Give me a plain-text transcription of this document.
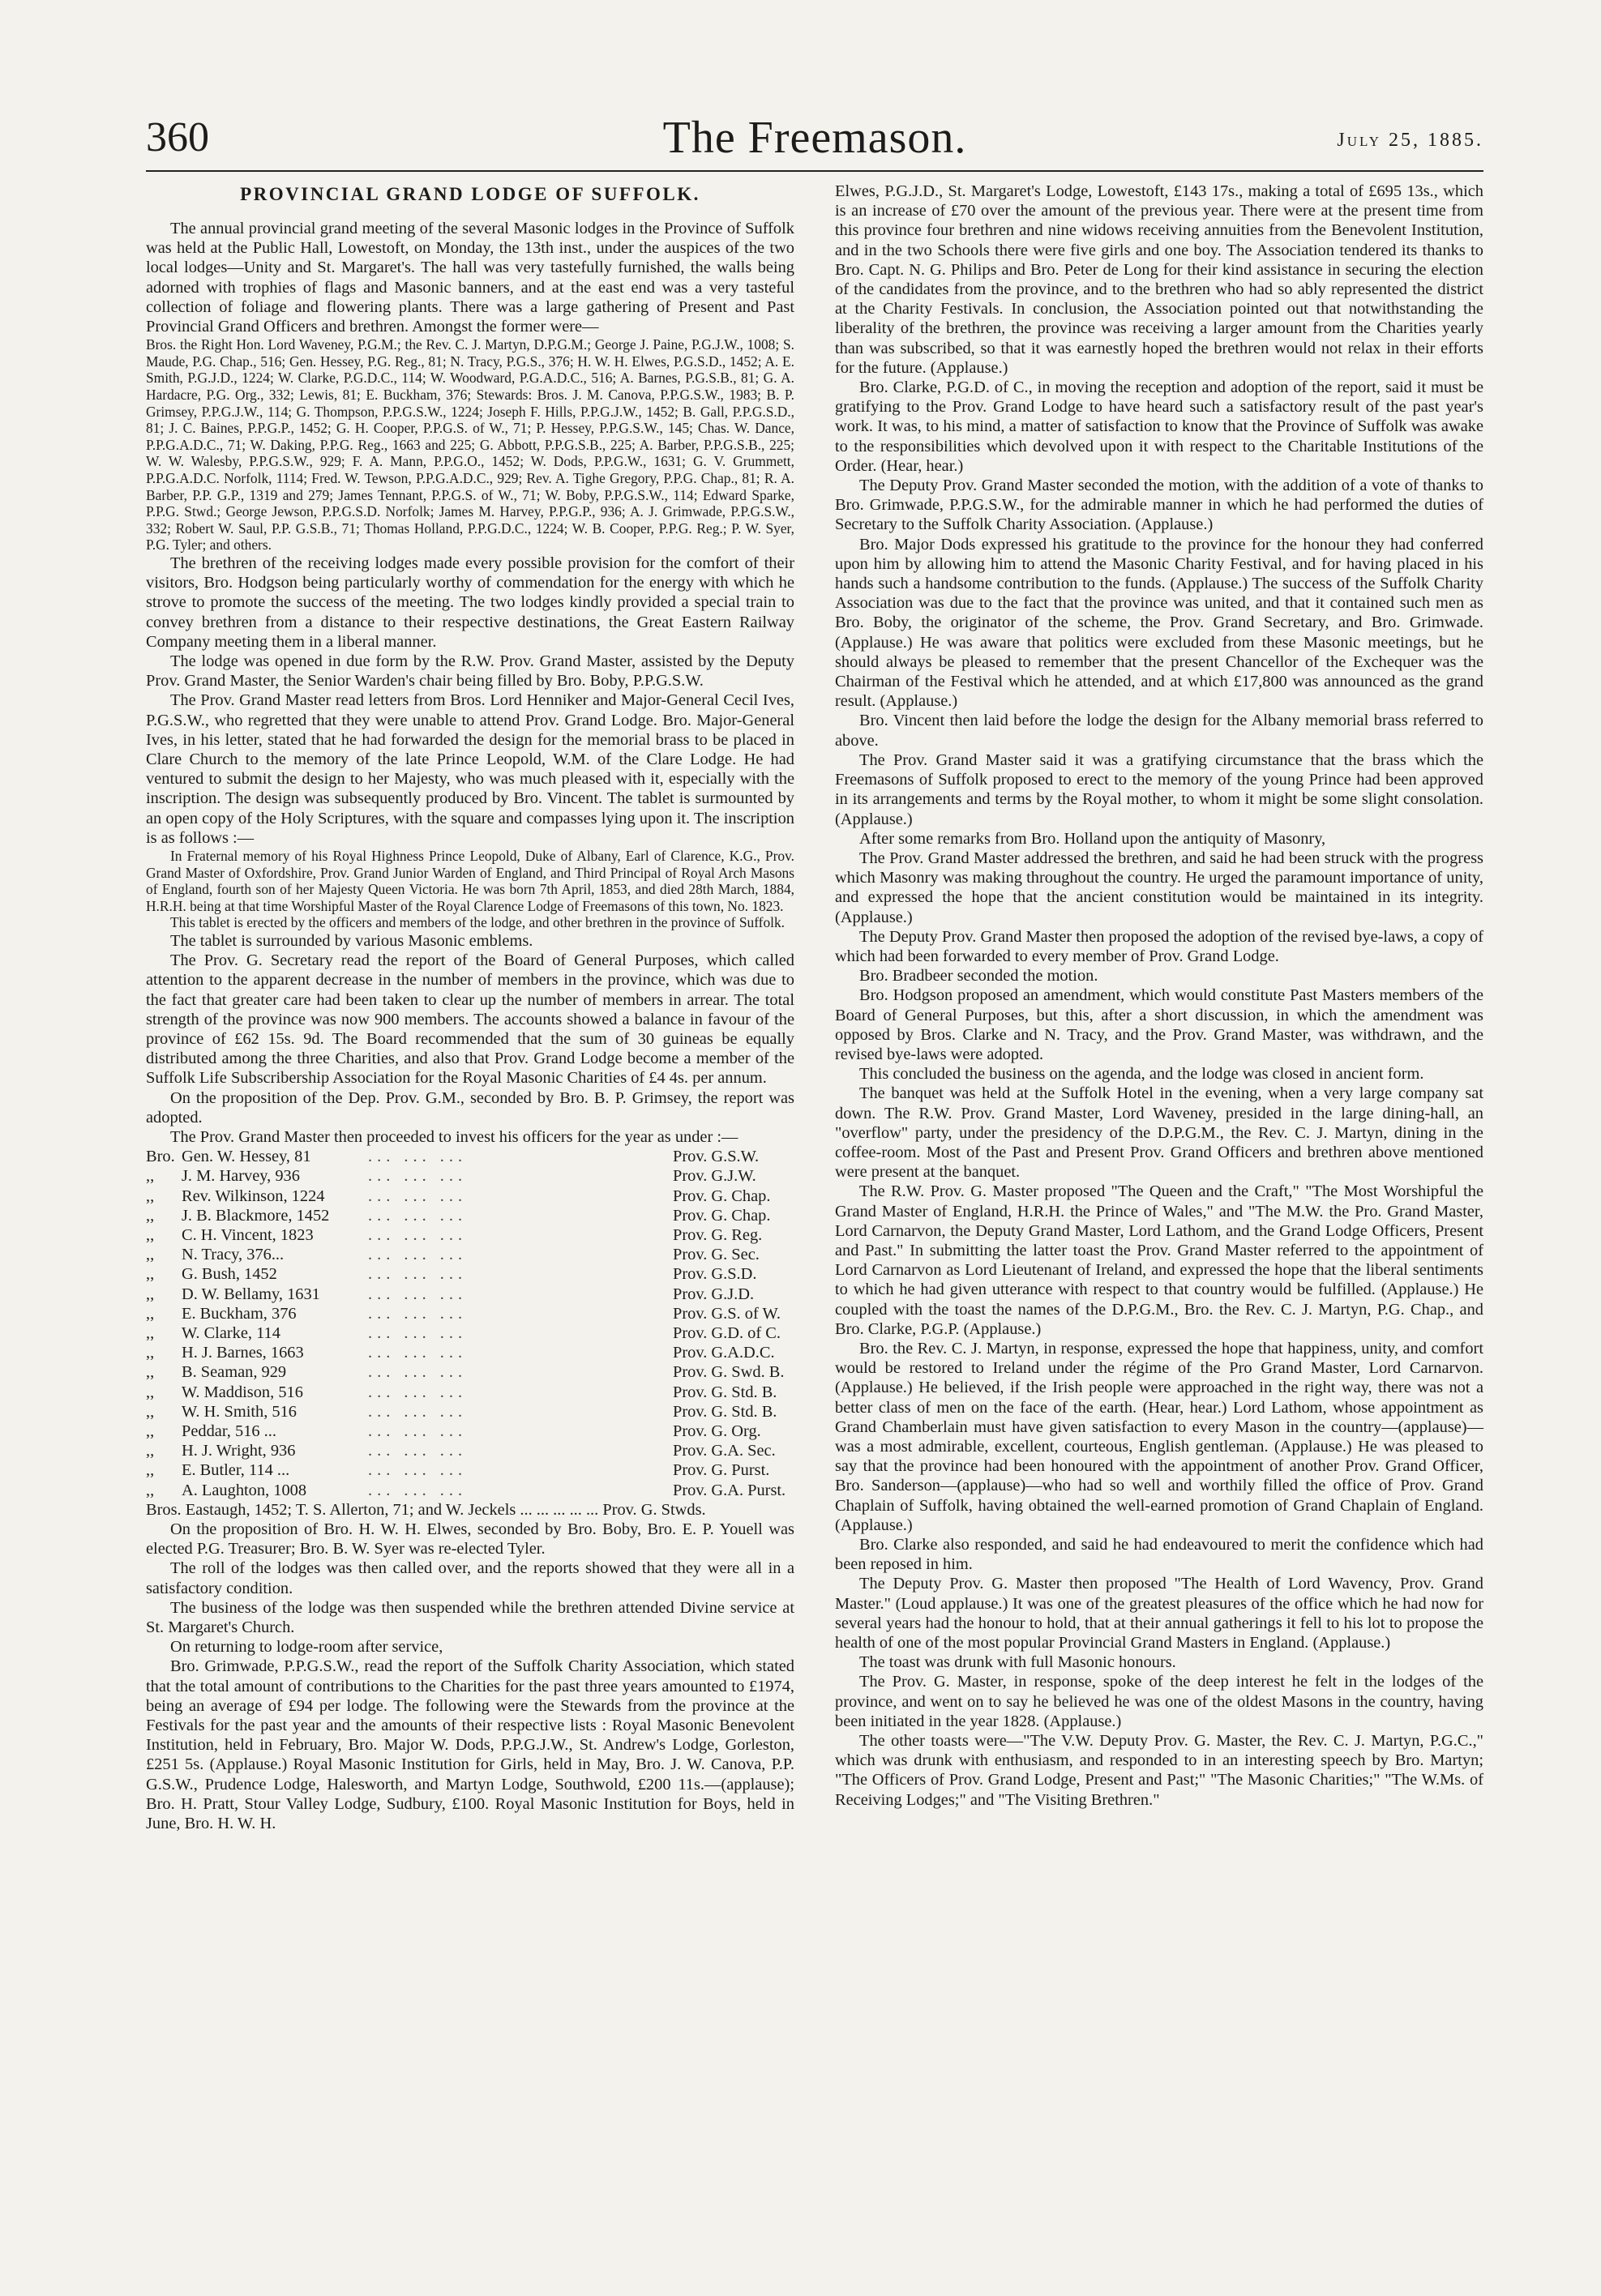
360	The Freemason.	July 25, 1885.
PROVINCIAL GRAND LODGE OF SUFFOLK.

The annual provincial grand meeting of the several Masonic lodges in the Province of Suffolk was held at the Public Hall, Lowestoft, on Monday, the 13th inst., under the auspices of the two local lodges—Unity and St. Margaret's. The hall was very tastefully furnished, the walls being adorned with trophies of flags and Masonic banners, and at the east end was a very tasteful collection of foliage and flowering plants. There was a large gathering of Present and Past Provincial Grand Officers and brethren. Amongst the former were—

Bros. the Right Hon. Lord Waveney, P.G.M.; the Rev. C. J. Martyn, D.P.G.M.; George J. Paine, P.G.J.W., 1008; S. Maude, P.G. Chap., 516; Gen. Hessey, P.G. Reg., 81; N. Tracy, P.G.S., 376; H. W. H. Elwes, P.G.S.D., 1452; A. E. Smith, P.G.J.D., 1224; W. Clarke, P.G.D.C., 114; W. Woodward, P.G.A.D.C., 516; A. Barnes, P.G.S.B., 81; G. A. Hardacre, P.G. Org., 332; Lewis, 81; E. Buckham, 376; Stewards: Bros. J. M. Canova, P.P.G.S.W., 1983; B. P. Grimsey, P.P.G.J.W., 114; G. Thompson, P.P.G.S.W., 1224; Joseph F. Hills, P.P.G.J.W., 1452; B. Gall, P.P.G.S.D., 81; J. C. Baines, P.P.G.P., 1452; G. H. Cooper, P.P.G.S. of W., 71; P. Hessey, P.P.G.S.W., 145; Chas. W. Dance, P.P.G.A.D.C., 71; W. Daking, P.P.G. Reg., 1663 and 225; G. Abbott, P.P.G.S.B., 225; A. Barber, P.P.G.S.B., 225; W. W. Walesby, P.P.G.S.W., 929; F. A. Mann, P.P.G.O., 1452; W. Dods, P.P.G.W., 1631; G. V. Grummett, P.P.G.A.D.C. Norfolk, 1114; Fred. W. Tewson, P.P.G.A.D.C., 929; Rev. A. Tighe Gregory, P.P.G. Chap., 81; R. A. Barber, P.P. G.P., 1319 and 279; James Tennant, P.P.G.S. of W., 71; W. Boby, P.P.G.S.W., 114; Edward Sparke, P.P.G. Stwd.; George Jewson, P.P.G.S.D. Norfolk; James M. Harvey, P.P.G.P., 936; A. J. Grimwade, P.P.G.S.W., 332; Robert W. Saul, P.P. G.S.B., 71; Thomas Holland, P.P.G.D.C., 1224; W. B. Cooper, P.P.G. Reg.; P. W. Syer, P.G. Tyler; and others.

The brethren of the receiving lodges made every possible provision for the comfort of their visitors, Bro. Hodgson being particularly worthy of commendation for the energy with which he strove to promote the success of the meeting. The two lodges kindly provided a special train to convey brethren from a distance to their respective destinations, the Great Eastern Railway Company meeting them in a liberal manner.

The lodge was opened in due form by the R.W. Prov. Grand Master, assisted by the Deputy Prov. Grand Master, the Senior Warden's chair being filled by Bro. Boby, P.P.G.S.W.

The Prov. Grand Master read letters from Bros. Lord Henniker and Major-General Cecil Ives, P.G.S.W., who regretted that they were unable to attend Prov. Grand Lodge. Bro. Major-General Ives, in his letter, stated that he had forwarded the design for the memorial brass to be placed in Clare Church to the memory of the late Prince Leopold, W.M. of the Clare Lodge. He had ventured to submit the design to her Majesty, who was much pleased with it, especially with the inscription. The design was subsequently produced by Bro. Vincent. The tablet is surmounted by an open copy of the Holy Scriptures, with the square and compasses lying upon it. The inscription is as follows :—

In Fraternal memory of his Royal Highness Prince Leopold, Duke of Albany, Earl of Clarence, K.G., Prov. Grand Master of Oxfordshire, Prov. Grand Junior Warden of England, and Third Principal of Royal Arch Masons of England, fourth son of her Majesty Queen Victoria. He was born 7th April, 1853, and died 28th March, 1884, H.R.H. being at that time Worshipful Master of the Royal Clarence Lodge of Freemasons of this town, No. 1823.

This tablet is erected by the officers and members of the lodge, and other brethren in the province of Suffolk.

The tablet is surrounded by various Masonic emblems.

The Prov. G. Secretary read the report of the Board of General Purposes, which called attention to the apparent decrease in the number of members in the province, which was due to the fact that greater care had been taken to clear up the number of members in arrear. The total strength of the province was now 900 members. The accounts showed a balance in favour of the province of £62 15s. 9d. The Board recommended that the sum of 30 guineas be equally distributed among the three Charities, and also that Prov. Grand Lodge become a member of the Suffolk Life Subscribership Association for the Royal Masonic Charities of £4 4s. per annum.

On the proposition of the Dep. Prov. G.M., seconded by Bro. B. P. Grimsey, the report was adopted.

The Prov. Grand Master then proceeded to invest his officers for the year as under :—

Bro.	Gen. W. Hessey, 81	... ... ...	Prov. G.S.W.
,,	J. M. Harvey, 936	... ... ...	Prov. G.J.W.
,,	Rev. Wilkinson, 1224	... ... ...	Prov. G. Chap.
,,	J. B. Blackmore, 1452	... ... ...	Prov. G. Chap.
,,	C. H. Vincent, 1823	... ... ...	Prov. G. Reg.
,,	N. Tracy, 376...	... ... ...	Prov. G. Sec.
,,	G. Bush, 1452	... ... ...	Prov. G.S.D.
,,	D. W. Bellamy, 1631	... ... ...	Prov. G.J.D.
,,	E. Buckham, 376	... ... ...	Prov. G.S. of W.
,,	W. Clarke, 114	... ... ...	Prov. G.D. of C.
,,	H. J. Barnes, 1663	... ... ...	Prov. G.A.D.C.
,,	B. Seaman, 929	... ... ...	Prov. G. Swd. B.
,,	W. Maddison, 516	... ... ...	Prov. G. Std. B.
,,	W. H. Smith, 516	... ... ...	Prov. G. Std. B.
,,	Peddar, 516 ...	... ... ...	Prov. G. Org.
,,	H. J. Wright, 936	... ... ...	Prov. G.A. Sec.
,,	E. Butler, 114 ...	... ... ...	Prov. G. Purst.
,,	A. Laughton, 1008	... ... ...	Prov. G.A. Purst.

Bros. Eastaugh, 1452; T. S. Allerton, 71; and W. Jeckels ... ... ... ... ... Prov. G. Stwds.

On the proposition of Bro. H. W. H. Elwes, seconded by Bro. Boby, Bro. E. P. Youell was elected P.G. Treasurer; Bro. B. W. Syer was re-elected Tyler.

The roll of the lodges was then called over, and the reports showed that they were all in a satisfactory condition.

The business of the lodge was then suspended while the brethren attended Divine service at St. Margaret's Church.

On returning to lodge-room after service,

Bro. Grimwade, P.P.G.S.W., read the report of the Suffolk Charity Association, which stated that the total amount of contributions to the Charities for the past three years amounted to £1974, being an average of £94 per lodge. The following were the Stewards from the province at the Festivals for the past year and the amounts of their respective lists : Royal Masonic Benevolent Institution, held in February, Bro. Major W. Dods, P.P.G.J.W., St. Andrew's Lodge, Gorleston, £251 5s. (Applause.) Royal Masonic Institution for Girls, held in May, Bro. J. W. Canova, P.P. G.S.W., Prudence Lodge, Halesworth, and Martyn Lodge, Southwold, £200 11s.—(applause); Bro. H. Pratt, Stour Valley Lodge, Sudbury, £100. Royal Masonic Institution for Boys, held in June, Bro. H. W. H.

Elwes, P.G.J.D., St. Margaret's Lodge, Lowestoft, £143 17s., making a total of £695 13s., which is an increase of £70 over the amount of the previous year. There were at the present time from this province four brethren and nine widows receiving annuities from the Benevolent Institution, and in the two Schools there were five girls and one boy. The Association tendered its thanks to Bro. Capt. N. G. Philips and Bro. Peter de Long for their kind assistance in securing the election of the candidates from the province, and to the brethren who had so ably represented the district at the Charity Festivals. In conclusion, the Association pointed out that notwithstanding the liberality of the brethren, the province was receiving a larger amount from the Charities yearly than was subscribed, so that it was earnestly hoped the brethren would not relax in their efforts for the future. (Applause.)

Bro. Clarke, P.G.D. of C., in moving the reception and adoption of the report, said it must be gratifying to the Prov. Grand Lodge to have heard such a satisfactory result of the past year's work. It was, to his mind, a matter of satisfaction to know that the Province of Suffolk was awake to the responsibilities which devolved upon it with respect to the Charitable Institutions of the Order. (Hear, hear.)

The Deputy Prov. Grand Master seconded the motion, with the addition of a vote of thanks to Bro. Grimwade, P.P.G.S.W., for the admirable manner in which he had performed the duties of Secretary to the Suffolk Charity Association. (Applause.)

Bro. Major Dods expressed his gratitude to the province for the honour they had conferred upon him by allowing him to attend the Masonic Charity Festival, and for having placed in his hands such a handsome contribution to the funds. (Applause.) The success of the Suffolk Charity Association was due to the fact that the province was united, and that it contained such men as Bro. Boby, the originator of the scheme, the Prov. Grand Secretary, and Bro. Grimwade. (Applause.) He was aware that politics were excluded from these Masonic meetings, but he should always be pleased to remember that the present Chancellor of the Exchequer was the Chairman of the Festival which he attended, and at which £17,800 was announced as the grand result. (Applause.)

Bro. Vincent then laid before the lodge the design for the Albany memorial brass referred to above.

The Prov. Grand Master said it was a gratifying circumstance that the brass which the Freemasons of Suffolk proposed to erect to the memory of the young Prince had been approved in its arrangements and terms by the Royal mother, to whom it might be some slight consolation. (Applause.)

After some remarks from Bro. Holland upon the antiquity of Masonry,

The Prov. Grand Master addressed the brethren, and said he had been struck with the progress which Masonry was making throughout the country. He urged the paramount importance of unity, and expressed the hope that the ancient constitution would be maintained in its integrity. (Applause.)

The Deputy Prov. Grand Master then proposed the adoption of the revised bye-laws, a copy of which had been forwarded to every member of Prov. Grand Lodge.

Bro. Bradbeer seconded the motion.

Bro. Hodgson proposed an amendment, which would constitute Past Masters members of the Board of General Purposes, but this, after a short discussion, in which the amendment was opposed by Bros. Clarke and N. Tracy, and the Prov. Grand Master, was withdrawn, and the revised bye-laws were adopted.

This concluded the business on the agenda, and the lodge was closed in ancient form.

The banquet was held at the Suffolk Hotel in the evening, when a very large company sat down. The R.W. Prov. Grand Master, Lord Waveney, presided in the large dining-hall, an "overflow" party, under the presidency of the D.P.G.M., the Rev. C. J. Martyn, dining in the coffee-room. Most of the Past and Present Prov. Grand Officers and brethren above mentioned were present at the banquet.

The R.W. Prov. G. Master proposed "The Queen and the Craft," "The Most Worshipful the Grand Master of England, H.R.H. the Prince of Wales," and "The M.W. the Pro. Grand Master, Lord Carnarvon, the Deputy Grand Master, Lord Lathom, and the Grand Lodge Officers, Present and Past." In submitting the latter toast the Prov. Grand Master referred to the appointment of Lord Carnarvon as Lord Lieutenant of Ireland, and expressed the hope that the liberal sentiments to which he had given utterance with respect to that country would be fulfilled. (Applause.) He coupled with the toast the names of the D.P.G.M., Bro. the Rev. C. J. Martyn, P.G. Chap., and Bro. Clarke, P.G.P. (Applause.)

Bro. the Rev. C. J. Martyn, in response, expressed the hope that happiness, unity, and comfort would be restored to Ireland under the régime of the Pro Grand Master, Lord Carnarvon. (Applause.) He believed, if the Irish people were approached in the right way, there was not a better class of men on the face of the earth. (Hear, hear.) Lord Lathom, whose appointment as Grand Chamberlain must have given satisfaction to every Mason in the country—(applause)—was a most admirable, excellent, courteous, English gentleman. (Applause.) He was pleased to say that the province had been honoured with the appointment of another Prov. Grand Officer, Bro. Sanderson—(applause)—who had so well and worthily filled the office of Prov. Grand Chaplain of Suffolk, having obtained the well-earned promotion of Grand Chaplain of England. (Applause.)

Bro. Clarke also responded, and said he had endeavoured to merit the confidence which had been reposed in him.

The Deputy Prov. G. Master then proposed "The Health of Lord Wavency, Prov. Grand Master." (Loud applause.) It was one of the greatest pleasures of the office which he had now for several years had the honour to hold, that at their annual gatherings it fell to his lot to propose the health of one of the most popular Provincial Grand Masters in England. (Applause.)

The toast was drunk with full Masonic honours.

The Prov. G. Master, in response, spoke of the deep interest he felt in the lodges of the province, and went on to say he believed he was one of the oldest Masons in the country, having been initiated in the year 1828. (Applause.)

The other toasts were—"The V.W. Deputy Prov. G. Master, the Rev. C. J. Martyn, P.G.C.," which was drunk with enthusiasm, and responded to in an interesting speech by Bro. Martyn; "The Officers of Prov. Grand Lodge, Present and Past;" "The Masonic Charities;" "The W.Ms. of Receiving Lodges;" and "The Visiting Brethren."
